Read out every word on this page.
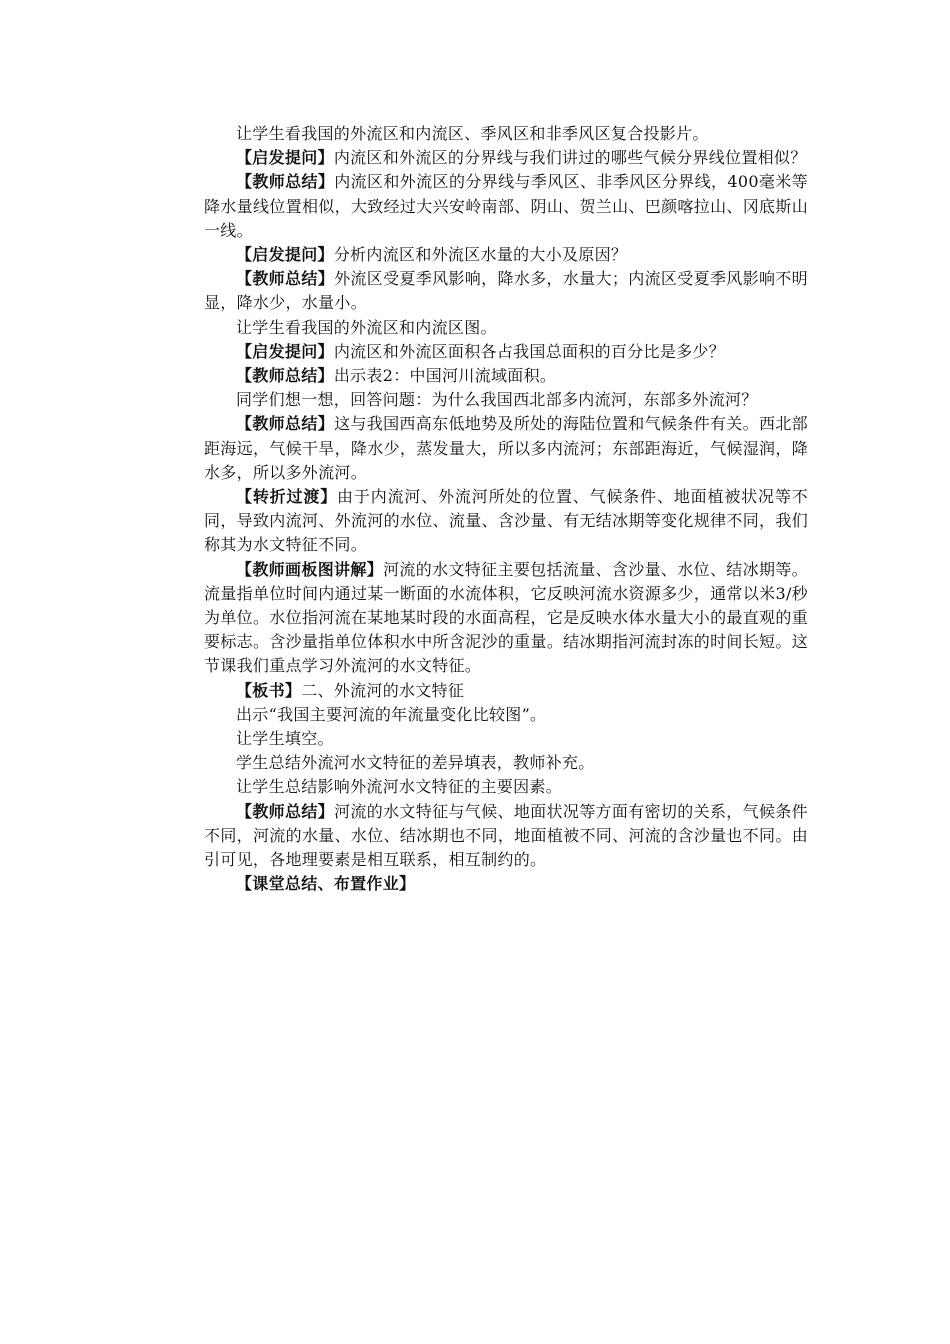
让学生看我国的外流区和内流区、季风区和非季风区复合投影片。

【启发提问】内流区和外流区的分界线与我们讲过的哪些气候分界线位置相似？

【教师总结】内流区和外流区的分界线与季风区、非季风区分界线，400毫米等降水量线位置相似，大致经过大兴安岭南部、阴山、贺兰山、巴颜喀拉山、冈底斯山一线。

【启发提问】分析内流区和外流区水量的大小及原因？

【教师总结】外流区受夏季风影响，降水多，水量大；内流区受夏季风影响不明显，降水少，水量小。

让学生看我国的外流区和内流区图。

【启发提问】内流区和外流区面积各占我国总面积的百分比是多少？

【教师总结】出示表2：中国河川流域面积。

同学们想一想，回答问题：为什么我国西北部多内流河，东部多外流河？

【教师总结】这与我国西高东低地势及所处的海陆位置和气候条件有关。西北部距海远，气候干旱，降水少，蒸发量大，所以多内流河；东部距海近，气候湿润，降水多，所以多外流河。

【转折过渡】由于内流河、外流河所处的位置、气候条件、地面植被状况等不同，导致内流河、外流河的水位、流量、含沙量、有无结冰期等变化规律不同，我们称其为水文特征不同。

【教师画板图讲解】河流的水文特征主要包括流量、含沙量、水位、结冰期等。流量指单位时间内通过某一断面的水流体积，它反映河流水资源多少，通常以米3/秒为单位。水位指河流在某地某时段的水面高程，它是反映水体水量大小的最直观的重要标志。含沙量指单位体积水中所含泥沙的重量。结冰期指河流封冻的时间长短。这节课我们重点学习外流河的水文特征。

【板书】二、外流河的水文特征

出示“我国主要河流的年流量变化比较图”。

让学生填空。

学生总结外流河水文特征的差异填表，教师补充。

让学生总结影响外流河水文特征的主要因素。

【教师总结】河流的水文特征与气候、地面状况等方面有密切的关系，气候条件不同，河流的水量、水位、结冰期也不同，地面植被不同、河流的含沙量也不同。由引可见，各地理要素是相互联系，相互制约的。

【课堂总结、布置作业】
